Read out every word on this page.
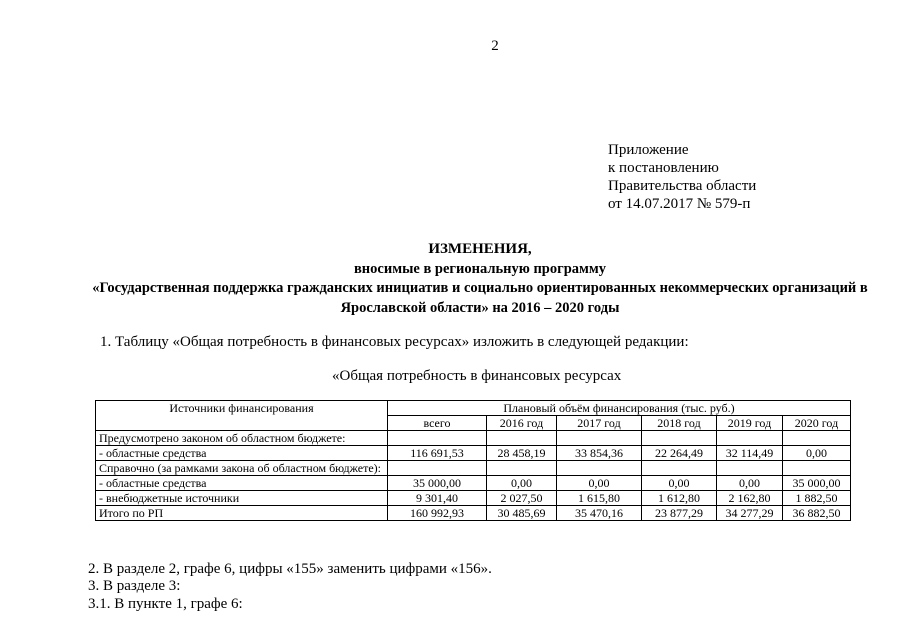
2
Приложение
к постановлению
Правительства области
от 14.07.2017 № 579-п
ИЗМЕНЕНИЯ,
вносимые в региональную программу
«Государственная поддержка гражданских инициатив и социально ориентированных некоммерческих организаций в
Ярославской области» на 2016 – 2020 годы
1. Таблицу «Общая потребность в финансовых ресурсах» изложить в следующей редакции:
«Общая потребность в финансовых ресурсах
Источники финансирования	Плановый объём финансирования (тыс. руб.)					
	всего	2016 год	2017 год	2018 год	2019 год	2020 год
Предусмотрено законом об областном бюджете:						
- областные средства	116 691,53	28 458,19	33 854,36	22 264,49	32 114,49	0,00
Справочно (за рамками закона об областном бюджете):						
- областные средства	35 000,00	0,00	0,00	0,00	0,00	35 000,00
- внебюджетные источники	9 301,40	2 027,50	1 615,80	1 612,80	2 162,80	1 882,50
Итого по РП	160 992,93	30 485,69	35 470,16	23 877,29	34 277,29	36 882,50
2. В разделе 2, графе 6, цифры «155» заменить цифрами «156».
3. В разделе 3:
3.1. В пункте 1, графе 6:
